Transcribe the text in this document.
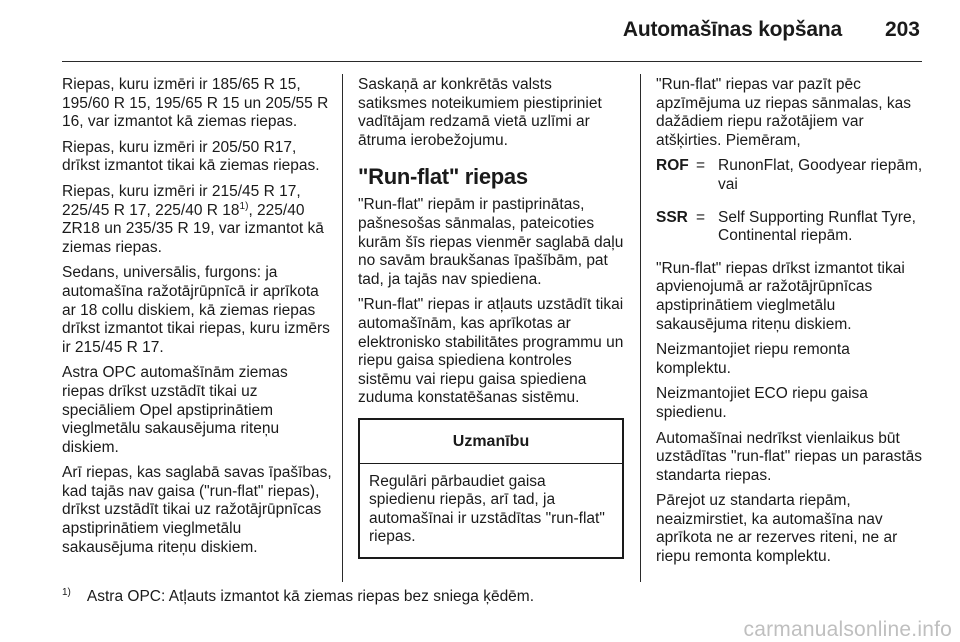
Automašīnas kopšana 203

Riepas, kuru izmēri ir 185/65 R 15, 195/60 R 15, 195/65 R 15 un 205/55 R 16, var izmantot kā ziemas riepas.

Riepas, kuru izmēri ir 205/50 R17, drīkst izmantot tikai kā ziemas riepas.

Riepas, kuru izmēri ir 215/45 R 17, 225/45 R 17, 225/40 R 18$^{1)}$, 225/40 ZR18 un 235/35 R 19, var izmantot kā ziemas riepas.

Sedans, universālis, furgons: ja automašīna ražotājrūpnīcā ir aprīkota ar 18 collu diskiem, kā ziemas riepas drīkst izmantot tikai riepas, kuru izmērs ir 215/45 R 17.

Astra OPC automašīnām ziemas riepas drīkst uzstādīt tikai uz speciāliem Opel apstiprinātiem vieglmetālu sakausējuma riteņu diskiem.

Arī riepas, kas saglabā savas īpašības, kad tajās nav gaisa ("run-flat" riepas), drīkst uzstādīt tikai uz ražotājrūpnīcas apstiprinātiem vieglmetālu sakausējuma riteņu diskiem.

Saskaņā ar konkrētās valsts satiksmes noteikumiem piestipriniet vadītājam redzamā vietā uzlīmi ar ātruma ierobežojumu.

"Run-flat" riepas

"Run-flat" riepām ir pastiprinātas, pašnesošas sānmalas, pateicoties kurām šīs riepas vienmēr saglabā daļu no savām braukšanas īpašībām, pat tad, ja tajās nav spiediena.

"Run-flat" riepas ir atļauts uzstādīt tikai automašīnām, kas aprīkotas ar elektronisko stabilitātes programmu un riepu gaisa spiediena kontroles sistēmu vai riepu gaisa spiediena zuduma konstatēšanas sistēmu.

Uzmanību
Regulāri pārbaudiet gaisa spiedienu riepās, arī tad, ja automašīnai ir uzstādītas "run-flat" riepas.

"Run-flat" riepas var pazīt pēc apzīmējuma uz riepas sānmalas, kas dažādiem riepu ražotājiem var atšķirties. Piemēram,

ROF = RunonFlat, Goodyear riepām, vai
SSR = Self Supporting Runflat Tyre, Continental riepām.

"Run-flat" riepas drīkst izmantot tikai apvienojumā ar ražotājrūpnīcas apstiprinātiem vieglmetālu sakausējuma riteņu diskiem.

Neizmantojiet riepu remonta komplektu.

Neizmantojiet ECO riepu gaisa spiedienu.

Automašīnai nedrīkst vienlaikus būt uzstādītas "run-flat" riepas un parastās standarta riepas.

Pārejot uz standarta riepām, neaizmirstiet, ka automašīna nav aprīkota ne ar rezerves riteni, ne ar riepu remonta komplektu.

$^{1)}$ Astra OPC: Atļauts izmantot kā ziemas riepas bez sniega ķēdēm.
carmanualsonline.info
